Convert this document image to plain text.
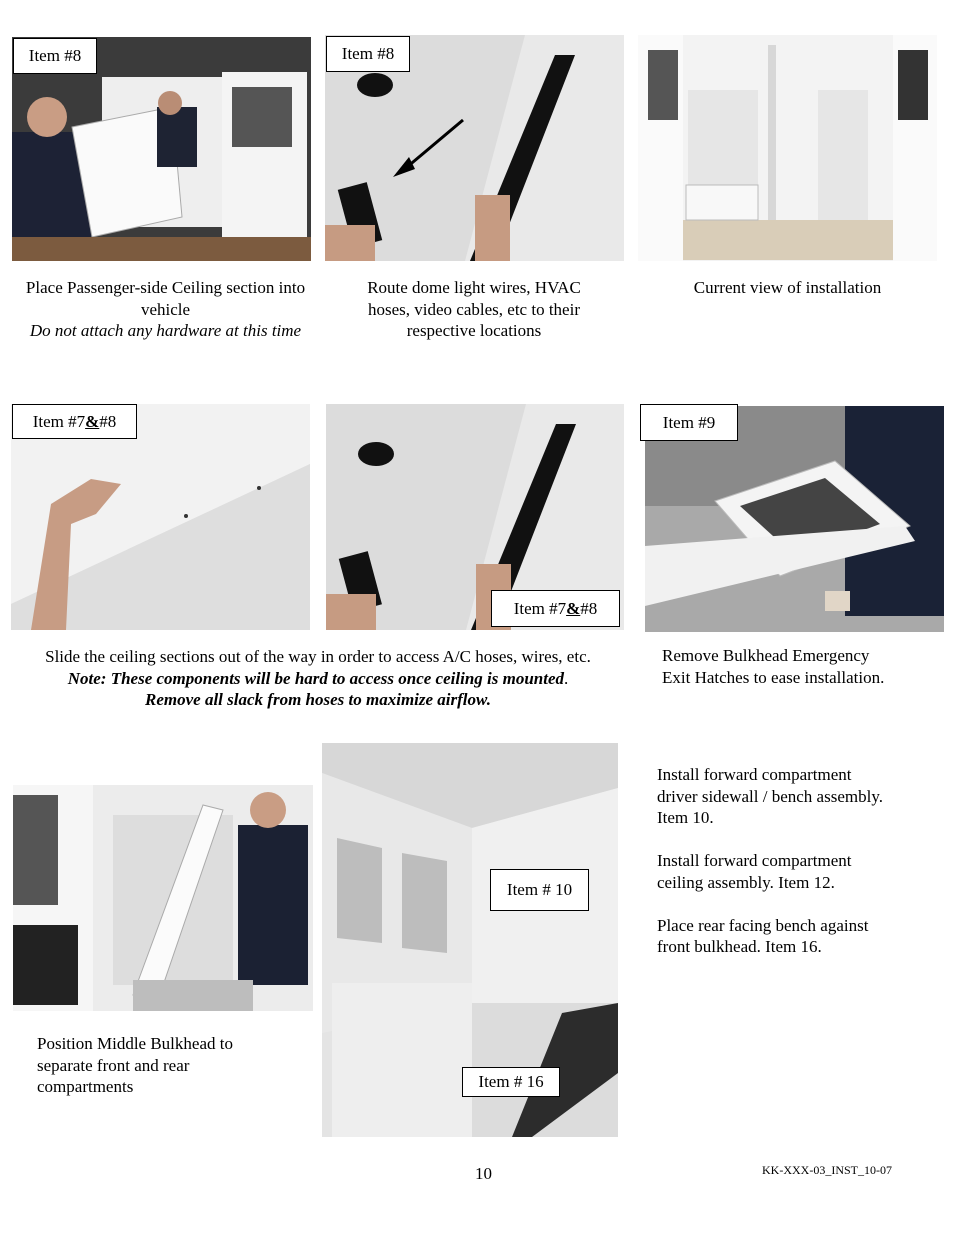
Item #8	Item #8
Place Passenger-side Ceiling section into
vehicle
Do not attach any hardware at this time
Route dome light wires, HVAC
hoses, video cables, etc to their
respective locations
Current view of installation
Item #7 & #8
Item #7 & #8
Item #9
Slide the ceiling sections out of the way in order to access A/C hoses, wires, etc.
Note: These components will be hard to access once ceiling is mounted.
Remove all slack from hoses to maximize airflow.
Remove Bulkhead Emergency
Exit Hatches to ease installation.
Item # 10
Item # 16
Install forward compartment
driver sidewall / bench assembly.
Item 10.
Install forward compartment
ceiling assembly. Item 12.
Place rear facing bench against
front bulkhead. Item 16.
Position Middle Bulkhead to
separate front and rear
compartments
10	KK-XXX-03_INST_10-07
